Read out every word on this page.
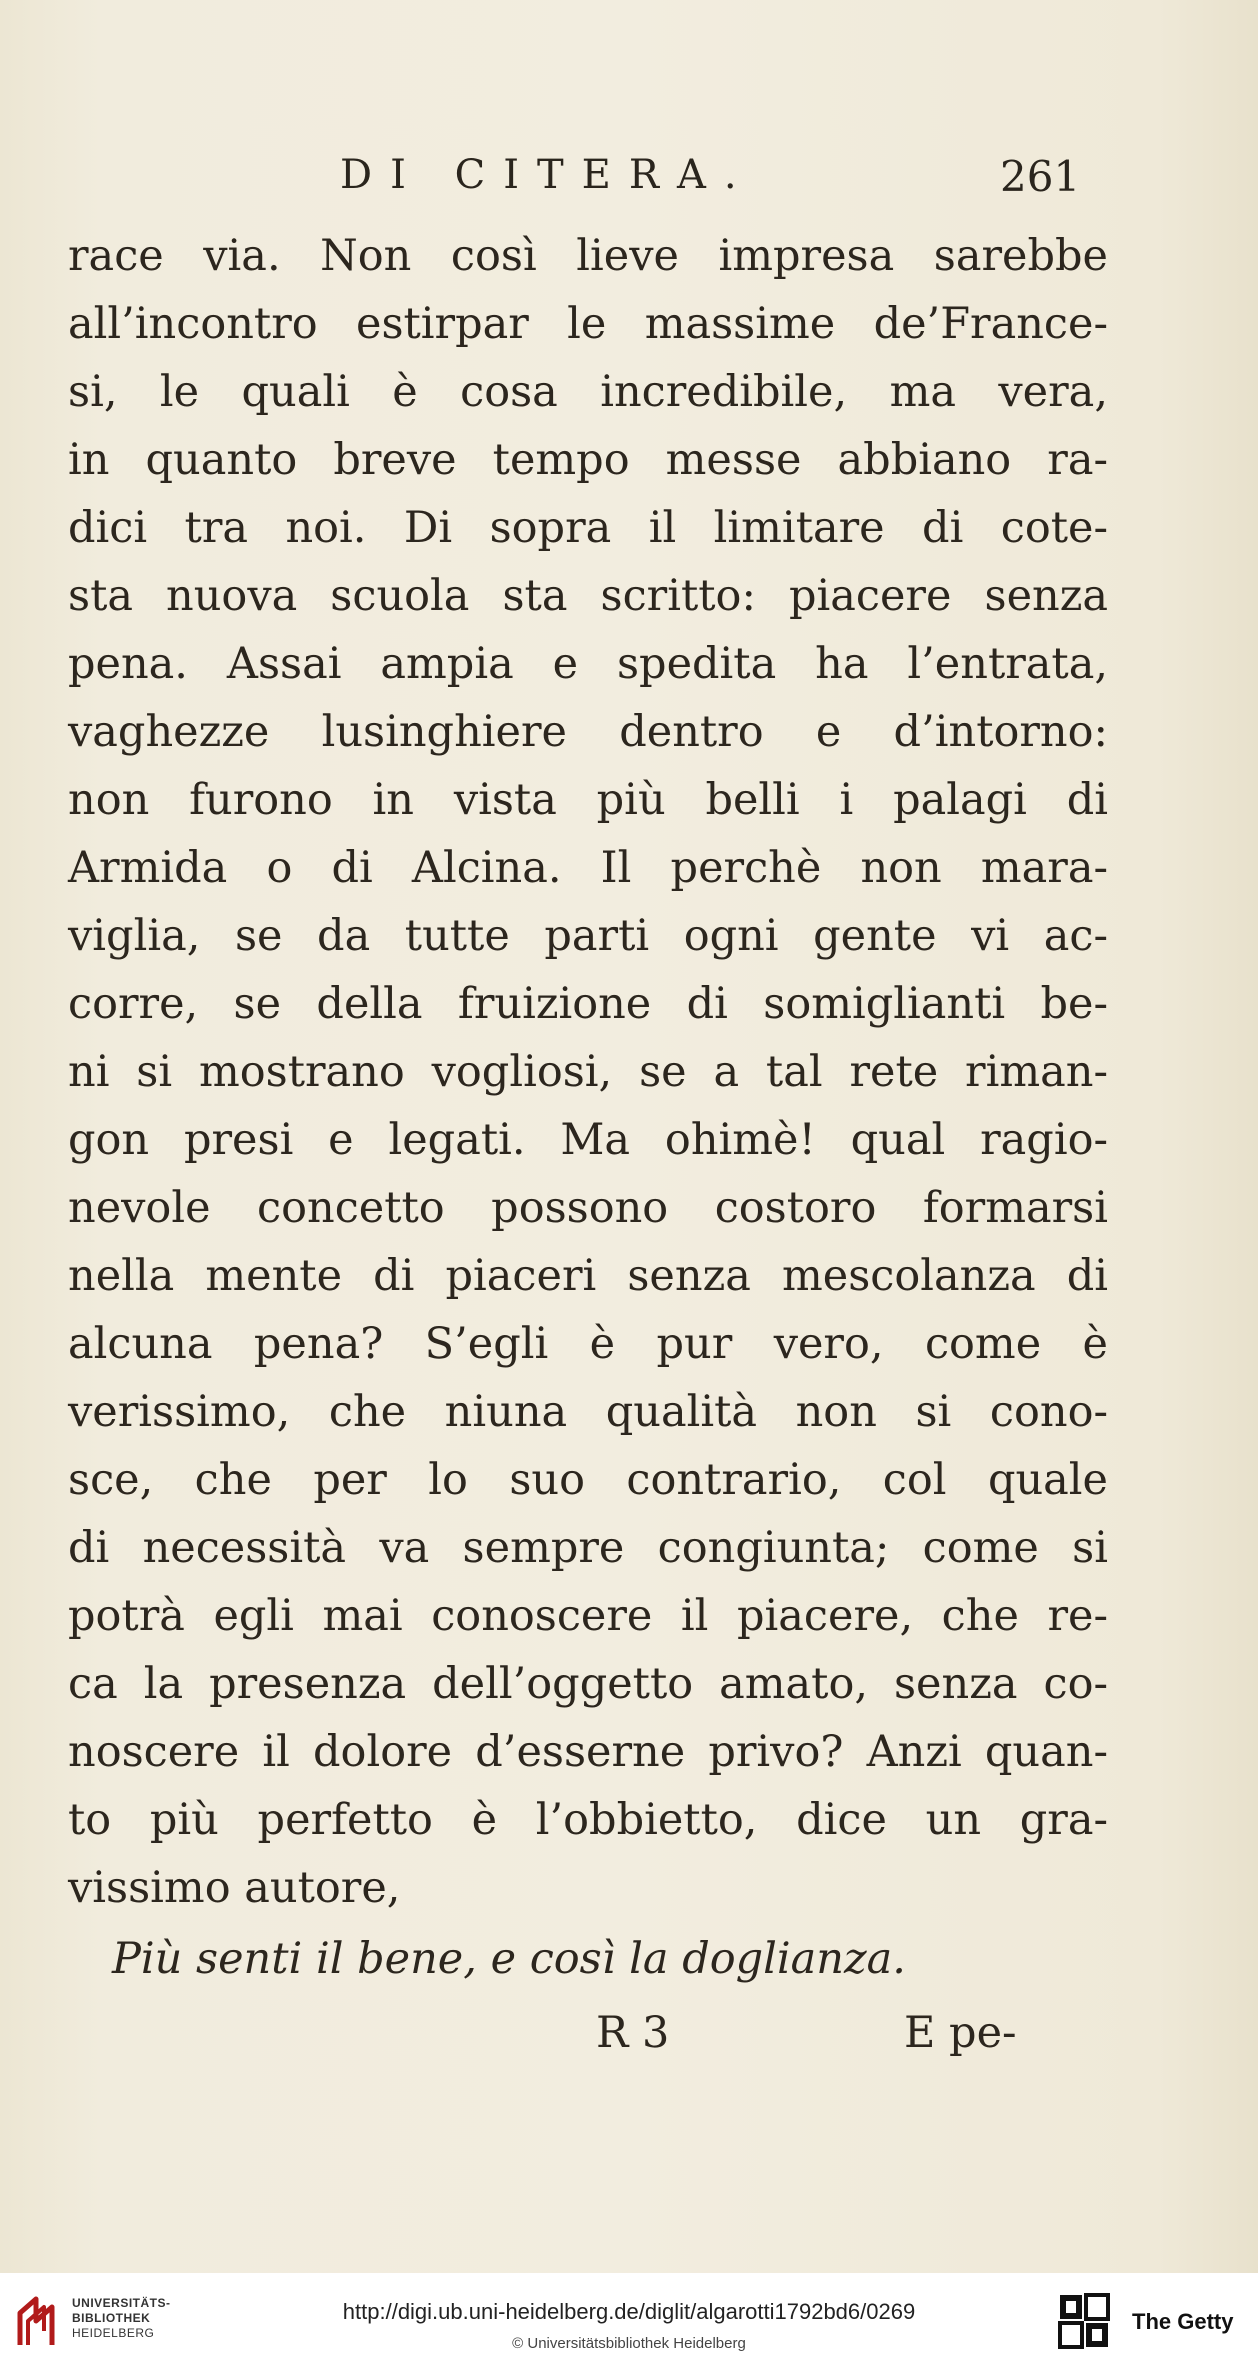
DI CITERA.	261
race via. Non così lieve impresa sarebbe
all’incontro estirpar le massime de’France-
si, le quali è cosa incredibile, ma vera,
in quanto breve tempo messe abbiano ra-
dici tra noi. Di sopra il limitare di cote-
sta nuova scuola sta scritto: piacere senza
pena. Assai ampia e spedita ha l’entrata,
vaghezze lusinghiere dentro e d’intorno:
non furono in vista più belli i palagi di
Armida o di Alcina. Il perchè non mara-
viglia, se da tutte parti ogni gente vi ac-
corre, se della fruizione di somiglianti be-
ni si mostrano vogliosi, se a tal rete riman-
gon presi e legati. Ma ohimè! qual ragio-
nevole concetto possono costoro formarsi
nella mente di piaceri senza mescolanza di
alcuna pena? S’egli è pur vero, come è
verissimo, che niuna qualità non si cono-
sce, che per lo suo contrario, col quale
di necessità va sempre congiunta; come si
potrà egli mai conoscere il piacere, che re-
ca la presenza dell’oggetto amato, senza co-
noscere il dolore d’esserne privo? Anzi quan-
to più perfetto è l’obbietto, dice un gra-
vissimo autore,
Più senti il bene, e così la doglianza.
R 3	E pe-
UNIVERSITÄTS-
BIBLIOTHEK
HEIDELBERG
http://digi.ub.uni-heidelberg.de/diglit/algarotti1792bd6/0269
© Universitätsbibliothek Heidelberg
The Getty
